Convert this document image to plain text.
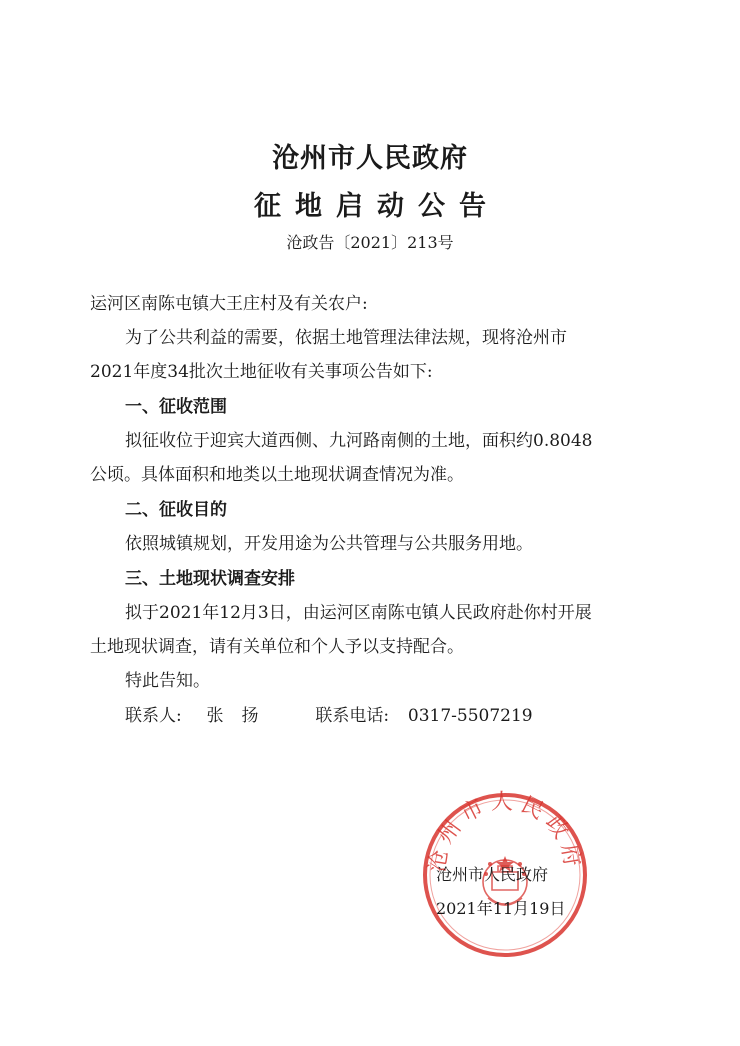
沧州市人民政府
征地启动公告
沧政告〔2021〕213号
运河区南陈屯镇大王庄村及有关农户:
为了公共利益的需要，依据土地管理法律法规，现将沧州市
2021年度34批次土地征收有关事项公告如下:
一、征收范围
拟征收位于迎宾大道西侧、九河路南侧的土地，面积约0.8048
公顷。具体面积和地类以土地现状调查情况为准。
二、征收目的
依照城镇规划，开发用途为公共管理与公共服务用地。
三、土地现状调查安排
拟于2021年12月3日，由运河区南陈屯镇人民政府赴你村开展
土地现状调查，请有关单位和个人予以支持配合。
特此告知。
联系人: 张扬 联系电话: 0317-5507219
沧州市人民政府
沧州市人民政府
2021年11月19日
